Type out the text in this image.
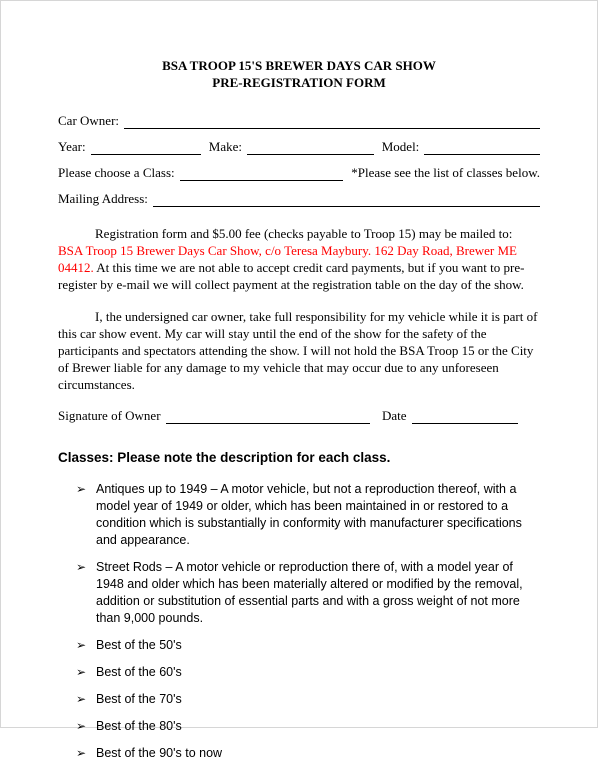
BSA TROOP 15'S BREWER DAYS CAR SHOW
PRE-REGISTRATION FORM
Car Owner:
Year:	Make:	Model:
Please choose a Class:	*Please see the list of classes below.
Mailing Address:

Registration form and $5.00 fee (checks payable to Troop 15) may be mailed to: BSA Troop 15 Brewer Days Car Show, c/o Teresa Maybury. 162 Day Road, Brewer ME 04412. At this time we are not able to accept credit card payments, but if you want to pre-register by e-mail we will collect payment at the registration table on the day of the show.

I, the undersigned car owner, take full responsibility for my vehicle while it is part of this car show event. My car will stay until the end of the show for the safety of the participants and spectators attending the show. I will not hold the BSA Troop 15 or the City of Brewer liable for any damage to my vehicle that may occur due to any unforeseen circumstances.

Signature of Owner	Date
Classes: Please note the description for each class.
➢ Antiques up to 1949 – A motor vehicle, but not a reproduction thereof, with a model year of 1949 or older, which has been maintained in or restored to a condition which is substantially in conformity with manufacturer specifications and appearance.
➢ Street Rods – A motor vehicle or reproduction there of, with a model year of 1948 and older which has been materially altered or modified by the removal, addition or substitution of essential parts and with a gross weight of not more than 9,000 pounds.
➢ Best of the 50's
➢ Best of the 60's
➢ Best of the 70's
➢ Best of the 80's
➢ Best of the 90's to now
